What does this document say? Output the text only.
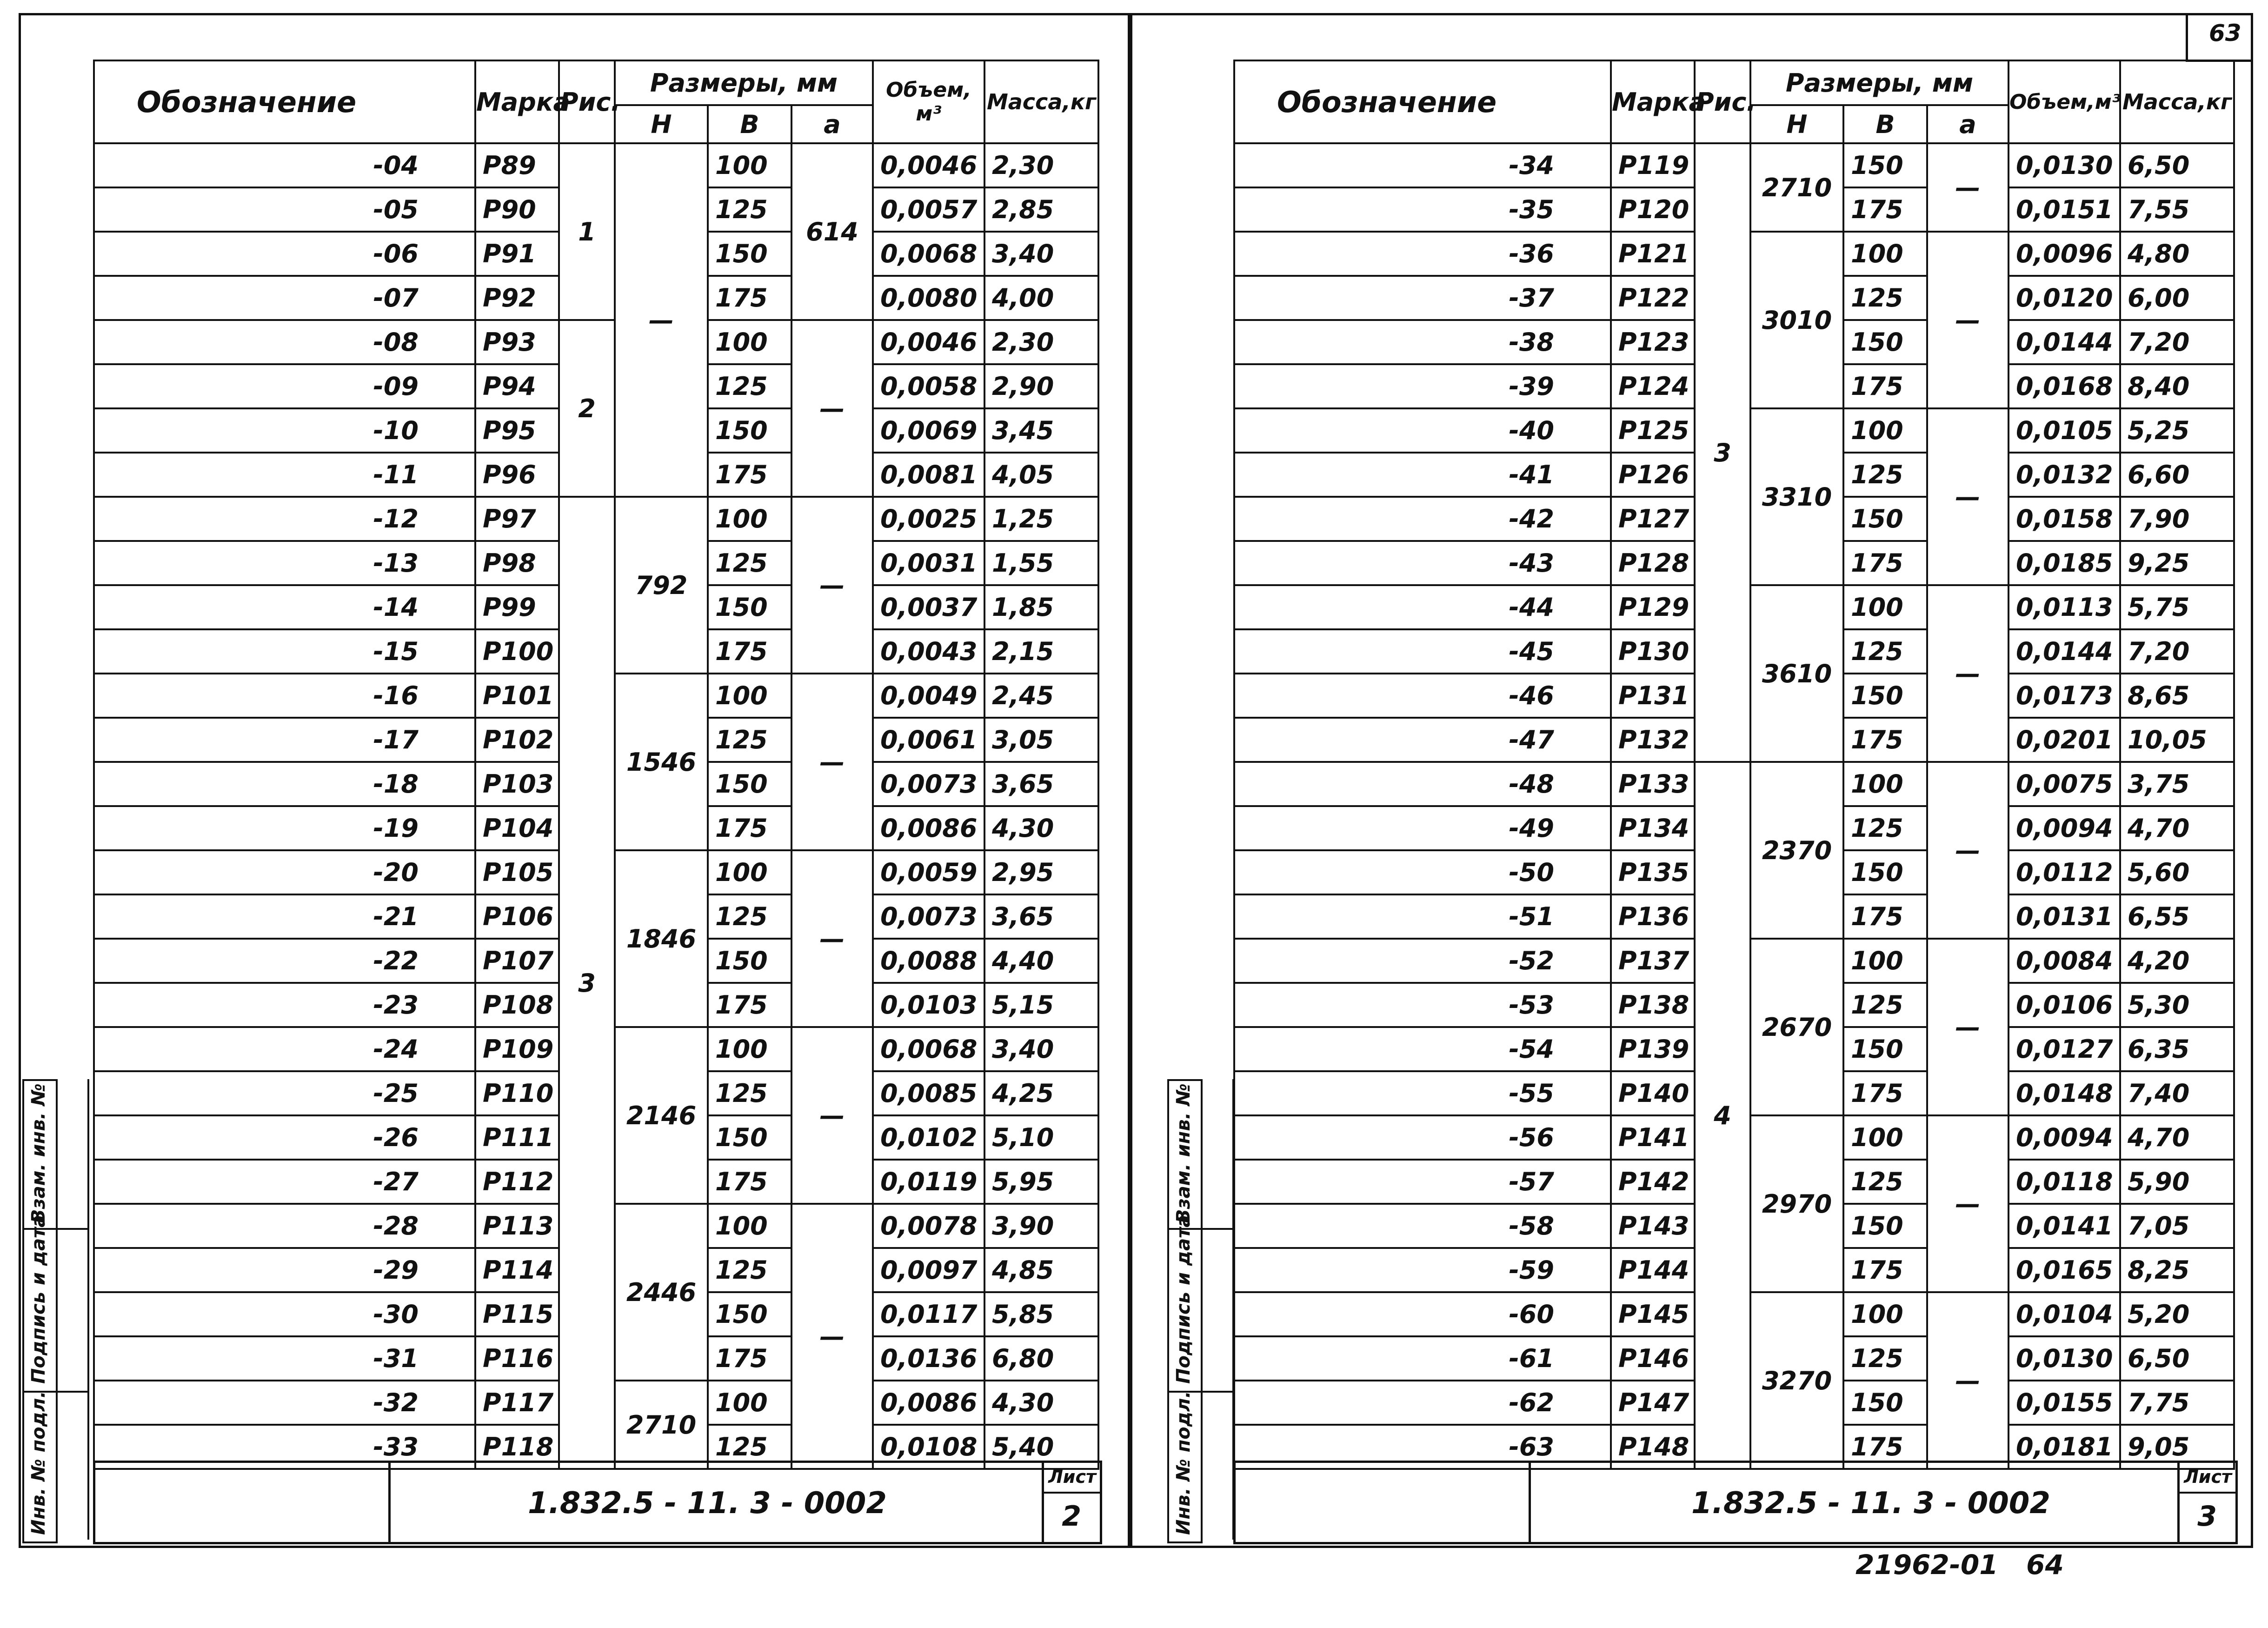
63
Обозначение	Марка	Рис.	Размеры, мм			Объем, м³	Масса,кг
			Н	В	а		
-04	Р89	1	—	100	614	0,0046	2,30
-05	Р90			125		0,0057	2,85
-06	Р91			150		0,0068	3,40
-07	Р92			175		0,0080	4,00
-08	Р93	2		100	—	0,0046	2,30
-09	Р94			125		0,0058	2,90
-10	Р95			150		0,0069	3,45
-11	Р96			175		0,0081	4,05
-12	Р97	3	792	100	—	0,0025	1,25
-13	Р98			125		0,0031	1,55
-14	Р99			150		0,0037	1,85
-15	Р100			175		0,0043	2,15
-16	Р101		1546	100	—	0,0049	2,45
-17	Р102			125		0,0061	3,05
-18	Р103			150		0,0073	3,65
-19	Р104			175		0,0086	4,30
-20	Р105		1846	100	—	0,0059	2,95
-21	Р106			125		0,0073	3,65
-22	Р107			150		0,0088	4,40
-23	Р108			175		0,0103	5,15
-24	Р109		2146	100	—	0,0068	3,40
-25	Р110			125		0,0085	4,25
-26	Р111			150		0,0102	5,10
-27	Р112			175		0,0119	5,95
-28	Р113		2446	100	—	0,0078	3,90
-29	Р114			125		0,0097	4,85
-30	Р115			150		0,0117	5,85
-31	Р116			175		0,0136	6,80
-32	Р117		2710	100		0,0086	4,30
-33	Р118			125		0,0108	5,40
Обозначение	Марка	Рис.	Размеры, мм			Объем,м³	Масса,кг
			Н	В	а		
-34	Р119	3	2710	150	—	0,0130	6,50
-35	Р120			175		0,0151	7,55
-36	Р121		3010	100	—	0,0096	4,80
-37	Р122			125		0,0120	6,00
-38	Р123			150		0,0144	7,20
-39	Р124			175		0,0168	8,40
-40	Р125		3310	100	—	0,0105	5,25
-41	Р126			125		0,0132	6,60
-42	Р127			150		0,0158	7,90
-43	Р128			175		0,0185	9,25
-44	Р129		3610	100	—	0,0113	5,75
-45	Р130			125		0,0144	7,20
-46	Р131			150		0,0173	8,65
-47	Р132			175		0,0201	10,05
-48	Р133	4	2370	100	—	0,0075	3,75
-49	Р134			125		0,0094	4,70
-50	Р135			150		0,0112	5,60
-51	Р136			175		0,0131	6,55
-52	Р137		2670	100	—	0,0084	4,20
-53	Р138			125		0,0106	5,30
-54	Р139			150		0,0127	6,35
-55	Р140			175		0,0148	7,40
-56	Р141		2970	100	—	0,0094	4,70
-57	Р142			125		0,0118	5,90
-58	Р143			150		0,0141	7,05
-59	Р144			175		0,0165	8,25
-60	Р145		3270	100	—	0,0104	5,20
-61	Р146			125		0,0130	6,50
-62	Р147			150		0,0155	7,75
-63	Р148			175		0,0181	9,05
1.832.5 - 11. 3 - 0002
Лист
2	1.832.5 - 11. 3 - 0002
Лист
3
Взам. инв. №
Подпись и дата
Инв. № подл.
Взам. инв. №
Подпись и дата
Инв. № подл.
21962-01   64
